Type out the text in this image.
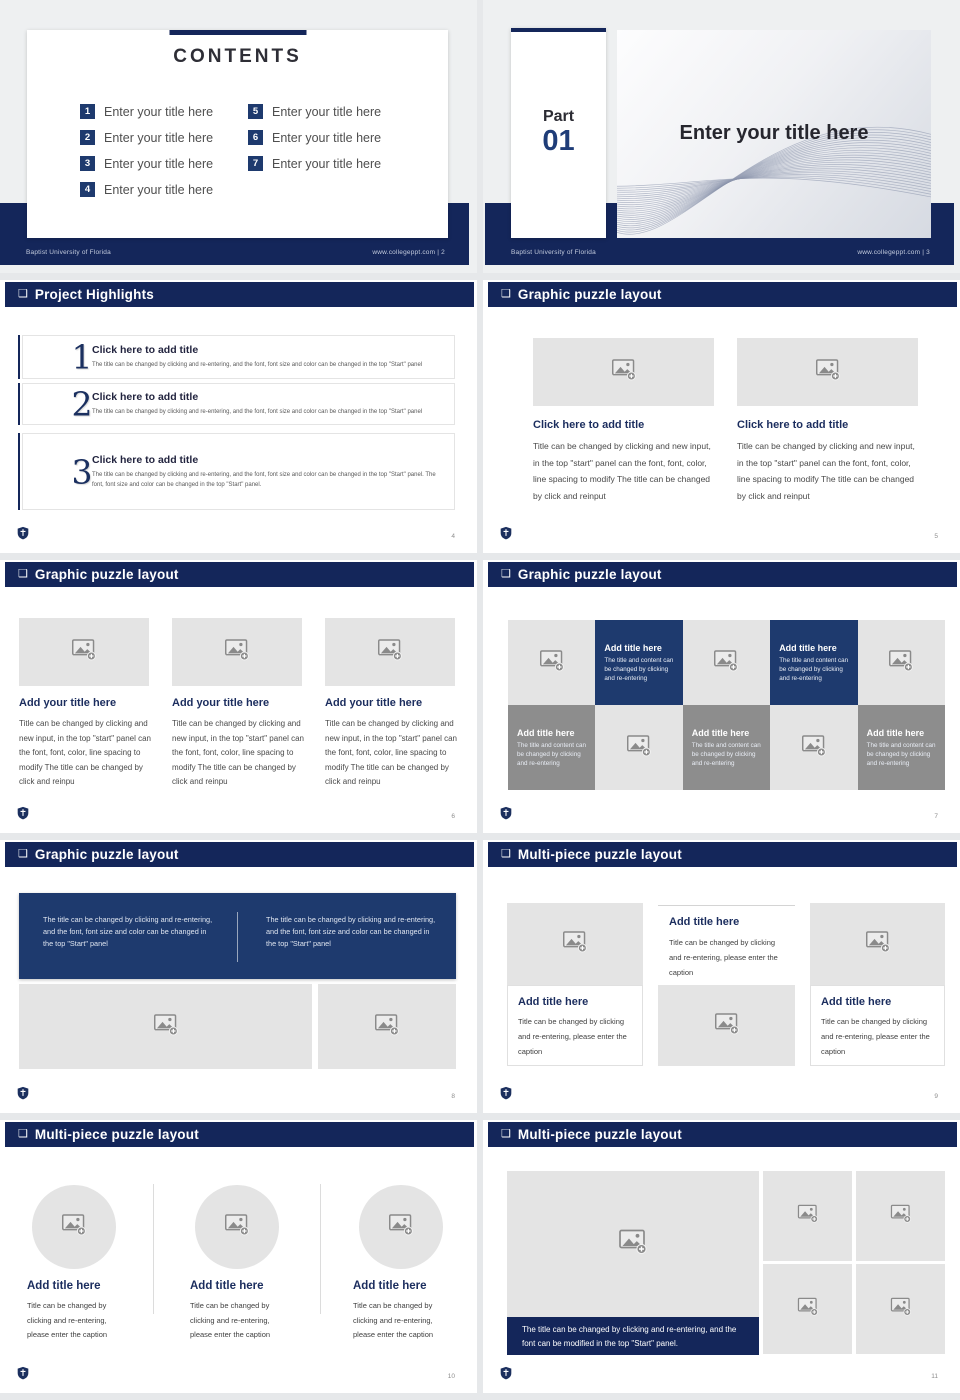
Baptist University of Florida	www.collegeppt.com | 2
CONTENTS
1	Enter your title here
2	Enter your title here
3	Enter your title here
4	Enter your title here
5	Enter your title here
6	Enter your title here
7	Enter your title here
Baptist University of Florida	www.collegeppt.com | 3
Enter your title here
Part
01
❑ Project Highlights
1 Click here to add title
The title can be changed by clicking and re-entering, and the font, font size and color can be changed in the top "Start" panel
2 Click here to add title
The title can be changed by clicking and re-entering, and the font, font size and color can be changed in the top "Start" panel
3 Click here to add title
The title can be changed by clicking and re-entering, and the font, font size and color can be changed in the top "Start" panel. The font, font size and color can be changed in the top "Start" panel.
4
❑ Graphic puzzle layout
Click here to add title	Click here to add title
Title can be changed by clicking and new input, in the top "start" panel can the font, font, color, line spacing to modify The title can be changed by click and reinput
Title can be changed by clicking and new input, in the top "start" panel can the font, font, color, line spacing to modify The title can be changed by click and reinput
5
❑ Graphic puzzle layout
Add your title here	Add your title here	Add your title here
Title can be changed by clicking and new input, in the top "start" panel can the font, font, color, line spacing to modify The title can be changed by click and reinpu
Title can be changed by clicking and new input, in the top "start" panel can the font, font, color, line spacing to modify The title can be changed by click and reinpu
Title can be changed by clicking and new input, in the top "start" panel can the font, font, color, line spacing to modify The title can be changed by click and reinpu
6
❑ Graphic puzzle layout
Add title here
The title and content can be changed by clicking and re-entering
Add title here
The title and content can be changed by clicking and re-entering
Add title here
The title and content can be changed by clicking and re-entering
Add title here
The title and content can be changed by clicking and re-entering
Add title here
The title and content can be changed by clicking and re-entering
7
❑ Graphic puzzle layout
The title can be changed by clicking and re-entering, and the font, font size and color can be changed in the top "Start" panel
The title can be changed by clicking and re-entering, and the font, font size and color can be changed in the top "Start" panel
8
❑ Multi-piece puzzle layout
Add title here
Title can be changed by clicking and re-entering, please enter the caption
Add title here
Title can be changed by clicking and re-entering, please enter the caption
Add title here
Title can be changed by clicking and re-entering, please enter the caption
9
❑ Multi-piece puzzle layout
Add title here	Add title here	Add title here
Title can be changed by clicking and re-entering, please enter the caption
Title can be changed by clicking and re-entering, please enter the caption
Title can be changed by clicking and re-entering, please enter the caption
10
❑ Multi-piece puzzle layout
The title can be changed by clicking and re-entering, and the font can be modified in the top "Start" panel.
11
